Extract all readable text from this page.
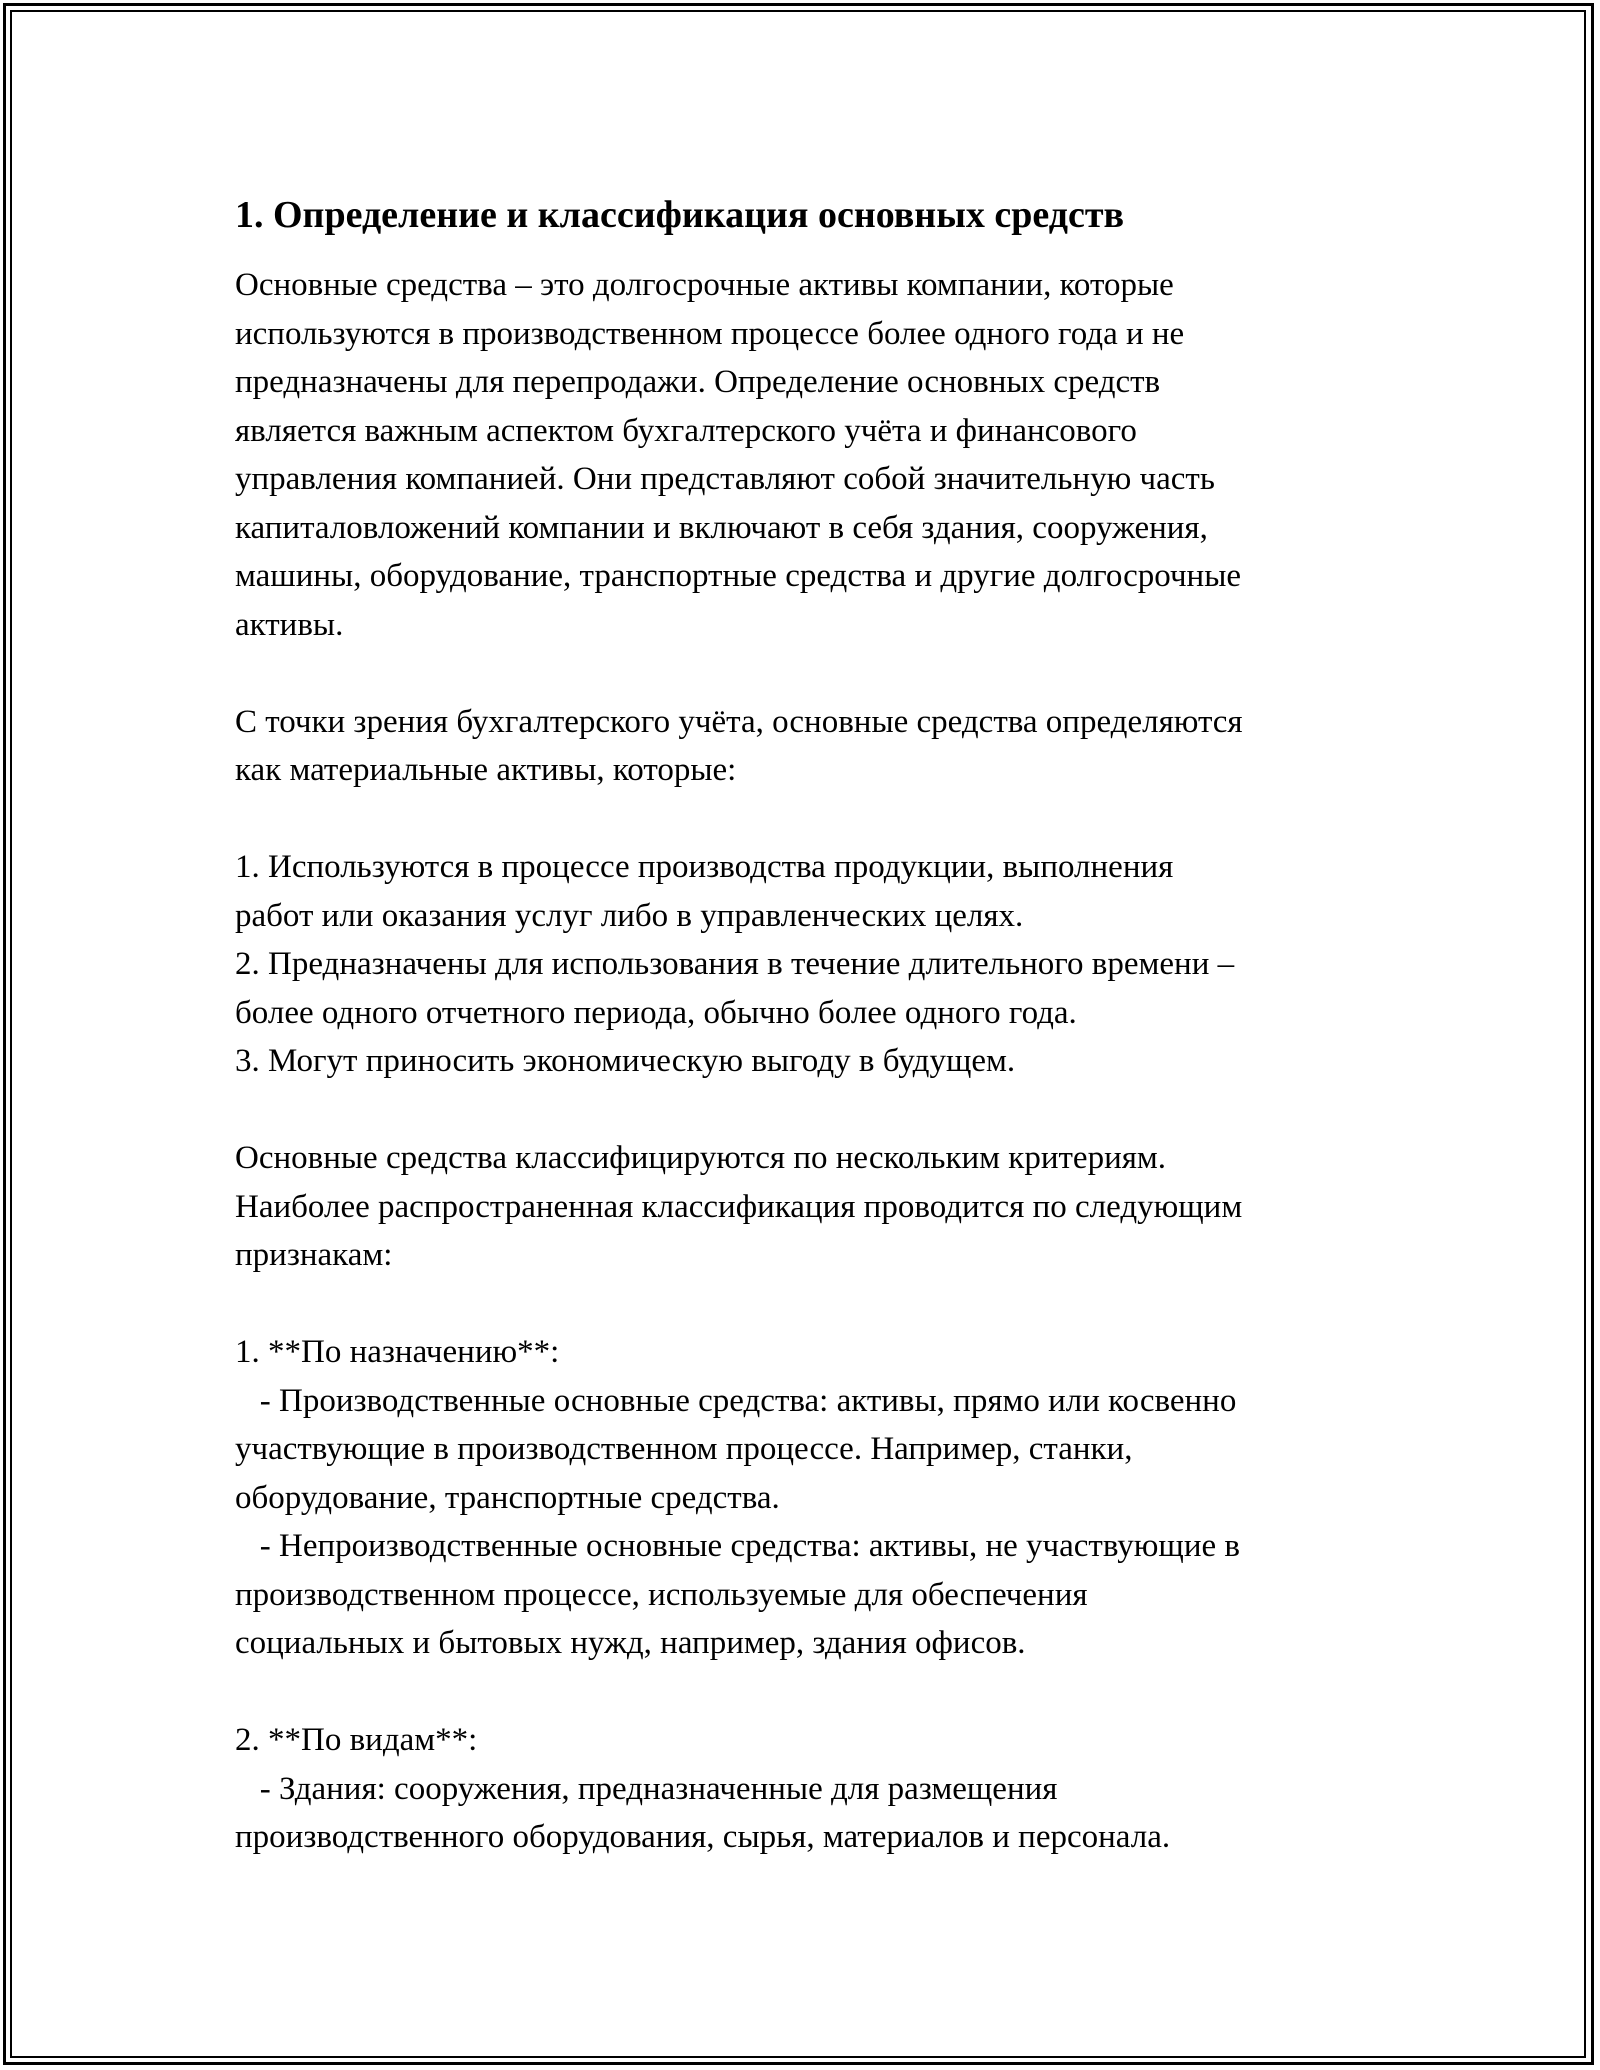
1. Определение и классификация основных средств
Основные средства – это долгосрочные активы компании, которые
используются в производственном процессе более одного года и не
предназначены для перепродажи. Определение основных средств
является важным аспектом бухгалтерского учёта и финансового
управления компанией. Они представляют собой значительную часть
капиталовложений компании и включают в себя здания, сооружения,
машины, оборудование, транспортные средства и другие долгосрочные
активы.
С точки зрения бухгалтерского учёта, основные средства определяются
как материальные активы, которые:
1. Используются в процессе производства продукции, выполнения
работ или оказания услуг либо в управленческих целях.
2. Предназначены для использования в течение длительного времени –
более одного отчетного периода, обычно более одного года.
3. Могут приносить экономическую выгоду в будущем.
Основные средства классифицируются по нескольким критериям.
Наиболее распространенная классификация проводится по следующим
признакам:
1. **По назначению**:
- Производственные основные средства: активы, прямо или косвенно
участвующие в производственном процессе. Например, станки,
оборудование, транспортные средства.
- Непроизводственные основные средства: активы, не участвующие в
производственном процессе, используемые для обеспечения
социальных и бытовых нужд, например, здания офисов.
2. **По видам**:
- Здания: сооружения, предназначенные для размещения
производственного оборудования, сырья, материалов и персонала.
